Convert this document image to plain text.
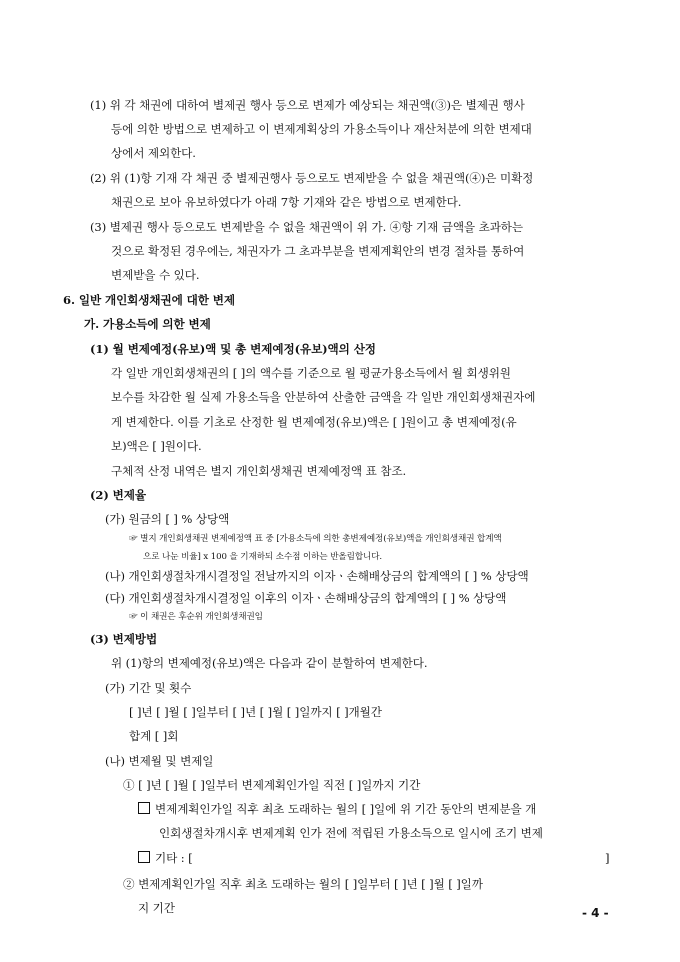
(1) 위 각 채권에 대하여 별제권 행사 등으로 변제가 예상되는 채권액(③)은 별제권 행사
등에 의한 방법으로 변제하고 이 변제계획상의 가용소득이나 재산처분에 의한 변제대
상에서 제외한다.
(2) 위 (1)항 기재 각 채권 중 별제권행사 등으로도 변제받을 수 없을 채권액(④)은 미확정
채권으로 보아 유보하였다가 아래 7항 기재와 같은 방법으로 변제한다.
(3) 별제권 행사 등으로도 변제받을 수 없을 채권액이 위 가. ④항 기재 금액을 초과하는
것으로 확정된 경우에는, 채권자가 그 초과부분을 변제계획안의 변경 절차를 통하여
변제받을 수 있다.
6. 일반 개인회생채권에 대한 변제
가. 가용소득에 의한 변제
(1) 월 변제예정(유보)액 및 총 변제예정(유보)액의 산정
각 일반 개인회생채권의 [ ]의 액수를 기준으로 월 평균가용소득에서 월 회생위원
보수를 차감한 월 실제 가용소득을 안분하여 산출한 금액을 각 일반 개인회생채권자에
게 변제한다. 이를 기초로 산정한 월 변제예정(유보)액은 [ ]원이고 총 변제예정(유
보)액은 [ ]원이다.
구체적 산정 내역은 별지 개인회생채권 변제예정액 표 참조.
(2) 변제율
(가) 원금의 [ ] % 상당액
☞ 별지 개인회생채권 변제예정액 표 중 [가용소득에 의한 총변제예정(유보)액을 개인회생채권 합계액
으로 나눈 비율] x 100 을 기재하되 소수점 이하는 반올림합니다.
(나) 개인회생절차개시결정일 전날까지의 이자ㆍ손해배상금의 합계액의 [ ] % 상당액
(다) 개인회생절차개시결정일 이후의 이자ㆍ손해배상금의 합계액의 [ ] % 상당액
☞ 이 채권은 후순위 개인회생채권임
(3) 변제방법
위 (1)항의 변제예정(유보)액은 다음과 같이 분할하여 변제한다.
(가) 기간 및 횟수
[ ]년 [ ]월 [ ]일부터 [ ]년 [ ]월 [ ]일까지 [ ]개월간
합계 [ ]회
(나) 변제월 및 변제일
① [ ]년 [ ]월 [ ]일부터 변제계획인가일 직전 [ ]일까지 기간
변제계획인가일 직후 최초 도래하는 월의 [ ]일에 위 기간 동안의 변제분을 개
인회생절차개시후 변제계획 인가 전에 적립된 가용소득으로 일시에 조기 변제
기타 : [	]
② 변제계획인가일 직후 최초 도래하는 월의 [ ]일부터 [ ]년 [ ]월 [ ]일까
지 기간	- 4 -
